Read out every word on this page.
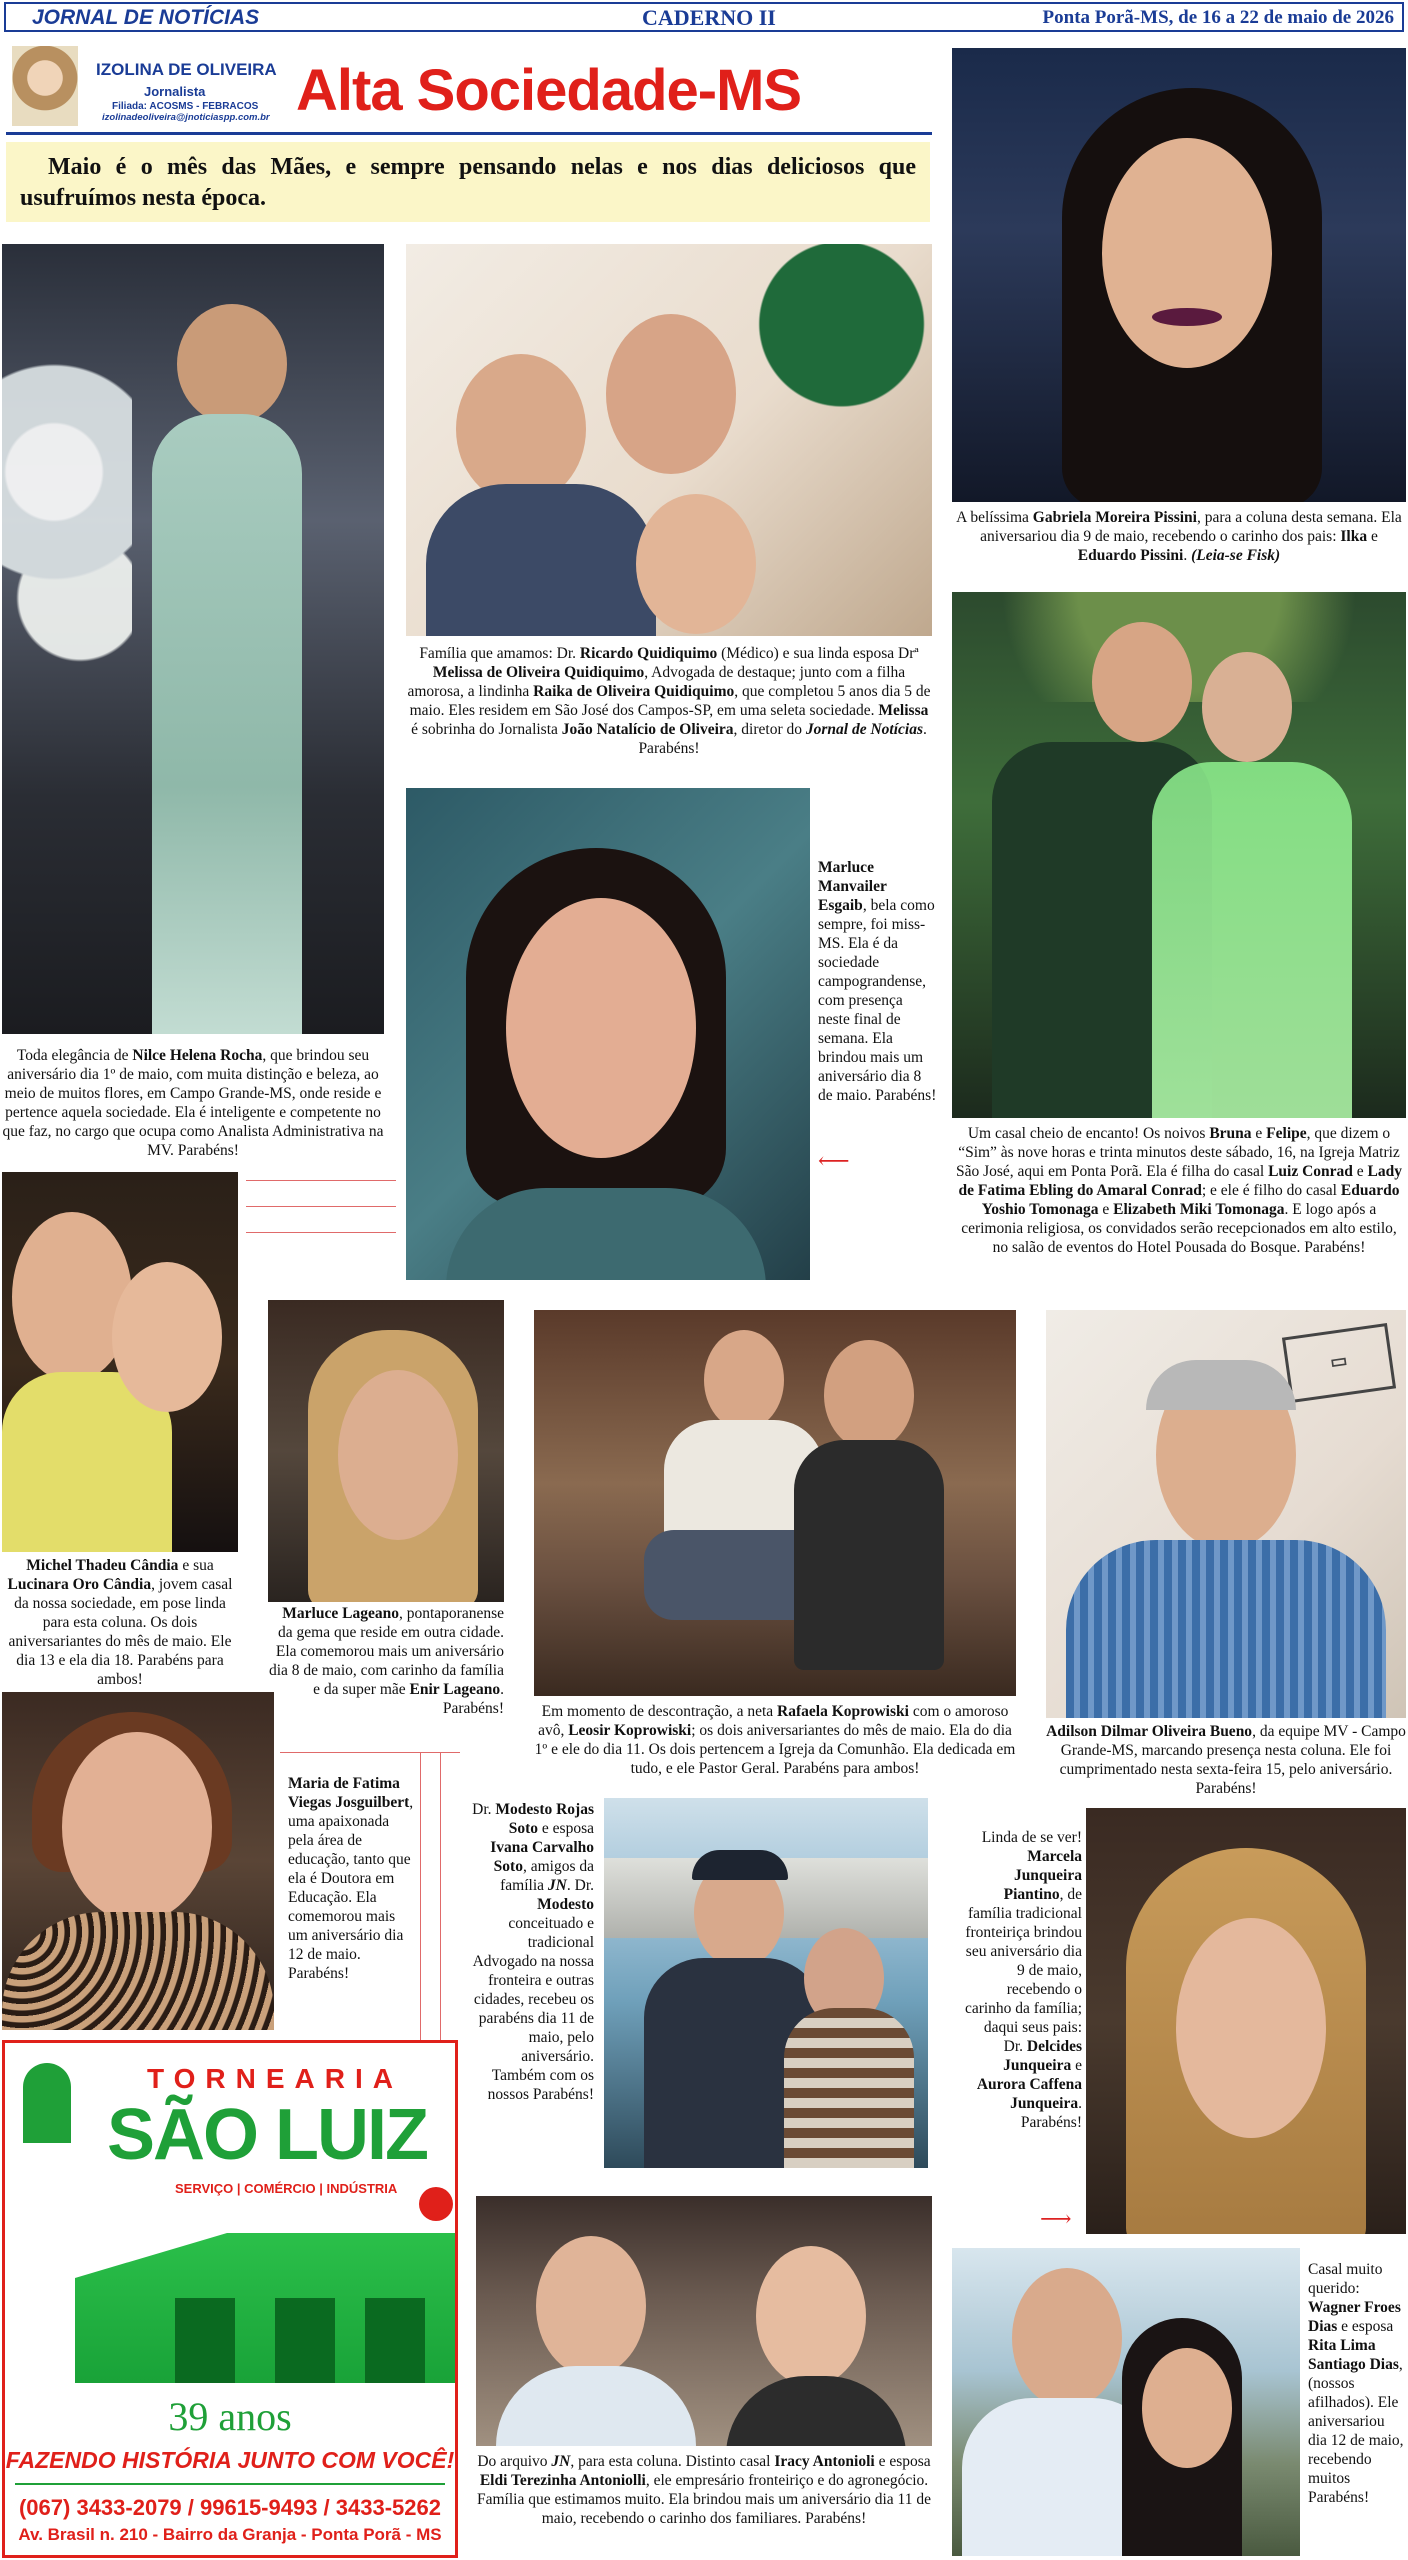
JORNAL DE NOTÍCIAS	CADERNO II	Ponta Porã-MS, de 16 a 22 de maio de 2026
IZOLINA DE OLIVEIRA
Jornalista
Filiada: ACOSMS - FEBRACOS
izolinadeoliveira@jnoticiaspp.com.br Alta Sociedade-MS
Maio é o mês das Mães, e sempre pensando nelas e nos dias deliciosos que usufruímos nesta época.
Toda elegância de Nilce Helena Rocha, que brindou seu aniversário dia 1º de maio, com muita distinção e beleza, ao meio de muitos flores, em Campo Grande-MS, onde reside e pertence aquela sociedade. Ela é inteligente e competente no que faz, no cargo que ocupa como Analista Administrativa na MV. Parabéns!
Família que amamos: Dr. Ricardo Quidiquimo (Médico) e sua linda esposa Drª Melissa de Oliveira Quidiquimo, Advogada de destaque; junto com a filha amorosa, a lindinha Raika de Oliveira Quidiquimo, que completou 5 anos dia 5 de maio. Eles residem em São José dos Campos-SP, em uma seleta sociedade. Melissa é sobrinha do Jornalista João Natalício de Oliveira, diretor do Jornal de Notícias. Parabéns!
A belíssima Gabriela Moreira Pissini, para a coluna desta semana. Ela aniversariou dia 9 de maio, recebendo o carinho dos pais: Ilka e Eduardo Pissini. (Leia-se Fisk)
Marluce Manvailer Esgaib, bela como sempre, foi miss-MS. Ela é da sociedade campograndense, com presença neste final de semana. Ela brindou mais um aniversário dia 8 de maio. Parabéns!
⟵
Um casal cheio de encanto! Os noivos Bruna e Felipe, que dizem o “Sim” às nove horas e trinta minutos deste sábado, 16, na Igreja Matriz São José, aqui em Ponta Porã. Ela é filha do casal Luiz Conrad e Lady de Fatima Ebling do Amaral Conrad; e ele é filho do casal Eduardo Yoshio Tomonaga e Elizabeth Miki Tomonaga. E logo após a cerimonia religiosa, os convidados serão recepcionados em alto estilo, no salão de eventos do Hotel Pousada do Bosque. Parabéns!
Michel Thadeu Cândia e sua Lucinara Oro Cândia, jovem casal da nossa sociedade, em pose linda para esta coluna. Os dois aniversariantes do mês de maio. Ele dia 13 e ela dia 18. Parabéns para ambos!
Marluce Lageano, pontaporanense da gema que reside em outra cidade. Ela comemorou mais um aniversário dia 8 de maio, com carinho da família e da super mãe Enir Lageano. Parabéns!	Em momento de descontração, a neta Rafaela Koprowiski com o amoroso avô, Leosir Koprowiski; os dois aniversariantes do mês de maio. Ela do dia 1º e ele do dia 11. Os dois pertencem a Igreja da Comunhão. Ela dedicada em tudo, e ele Pastor Geral. Parabéns para ambos!
▭
Adilson Dilmar Oliveira Bueno, da equipe MV - Campo Grande-MS, marcando presença nesta coluna. Ele foi cumprimentado nesta sexta-feira 15, pelo aniversário. Parabéns!
Maria de Fatima Viegas Josguilbert, uma apaixonada pela área de educação, tanto que ela é Doutora em Educação. Ela comemorou mais um aniversário dia 12 de maio. Parabéns!
Dr. Modesto Rojas Soto e esposa Ivana Carvalho Soto, amigos da família JN. Dr. Modesto conceituado e tradicional Advogado na nossa fronteira e outras cidades, recebeu os parabéns dia 11 de maio, pelo aniversário. Também com os nossos Parabéns!
Linda de se ver! Marcela Junqueira Piantino, de família tradicional fronteiriça brindou seu aniversário dia 9 de maio, recebendo o carinho da família; daqui seus pais: Dr. Delcides Junqueira e Aurora Caffena Junqueira. Parabéns!
⟶
TORNEARIA
SÃO LUIZ
SERVIÇO | COMÉRCIO | INDÚSTRIA
39 anos
FAZENDO HISTÓRIA JUNTO COM VOCÊ!
(067) 3433-2079 / 99615-9493 / 3433-5262
Av. Brasil n. 210 - Bairro da Granja - Ponta Porã - MS
Do arquivo JN, para esta coluna. Distinto casal Iracy Antonioli e esposa Eldi Terezinha Antoniolli, ele empresário fronteiriço e do agronegócio. Família que estimamos muito. Ela brindou mais um aniversário dia 11 de maio, recebendo o carinho dos familiares. Parabéns!
Casal muito querido: Wagner Froes Dias e esposa Rita Lima Santiago Dias, (nossos afilhados). Ele aniversariou dia 12 de maio, recebendo muitos Parabéns!
